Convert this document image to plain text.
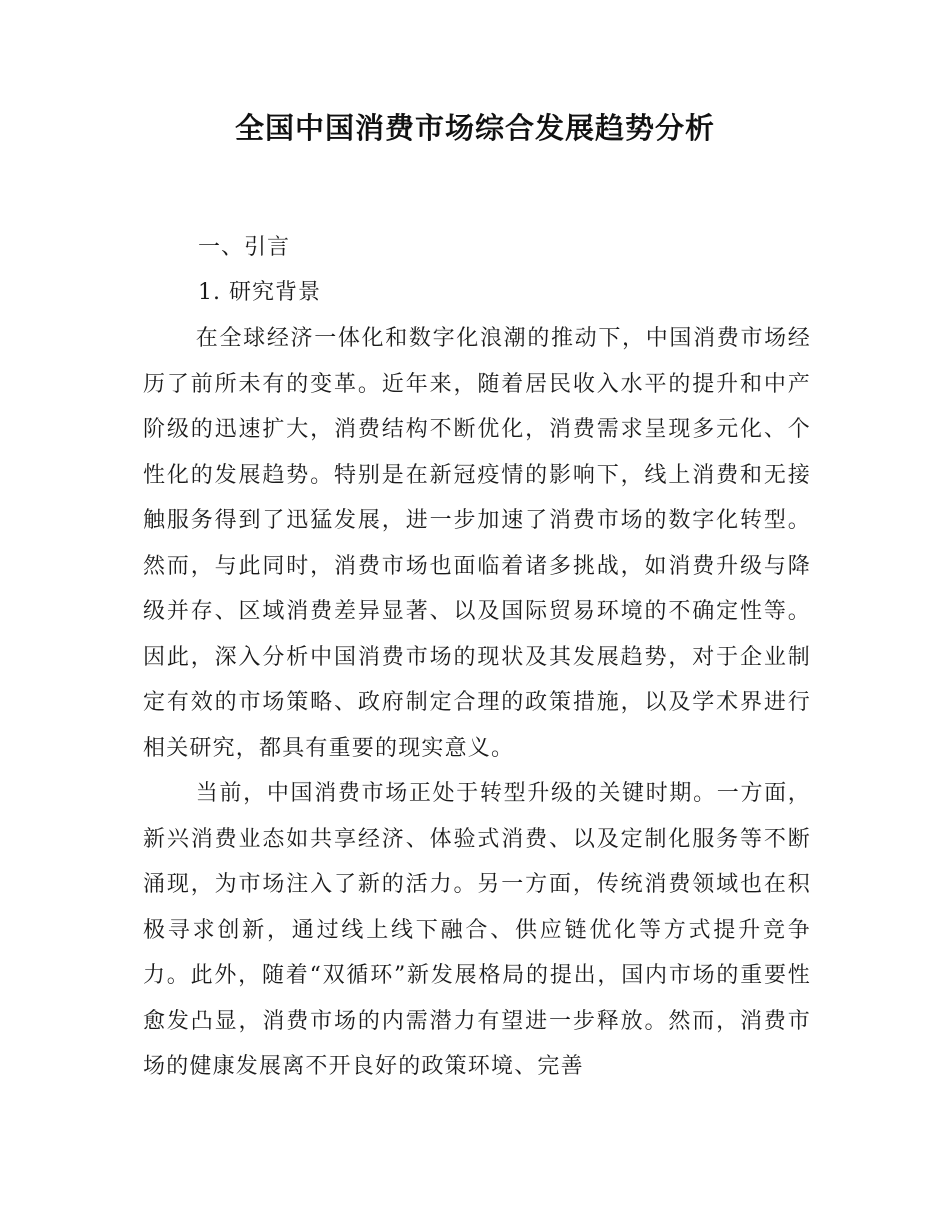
全国中国消费市场综合发展趋势分析
一、引言
1. 研究背景

在全球经济一体化和数字化浪潮的推动下，中国消费市场经历了前所未有的变革。近年来，随着居民收入水平的提升和中产阶级的迅速扩大，消费结构不断优化，消费需求呈现多元化、个性化的发展趋势。特别是在新冠疫情的影响下，线上消费和无接触服务得到了迅猛发展，进一步加速了消费市场的数字化转型。然而，与此同时，消费市场也面临着诸多挑战，如消费升级与降级并存、区域消费差异显著、以及国际贸易环境的不确定性等。因此，深入分析中国消费市场的现状及其发展趋势，对于企业制定有效的市场策略、政府制定合理的政策措施，以及学术界进行相关研究，都具有重要的现实意义。

当前，中国消费市场正处于转型升级的关键时期。一方面，新兴消费业态如共享经济、体验式消费、以及定制化服务等不断涌现，为市场注入了新的活力。另一方面，传统消费领域也在积极寻求创新，通过线上线下融合、供应链优化等方式提升竞争力。此外，随着“双循环”新发展格局的提出，国内市场的重要性愈发凸显，消费市场的内需潜力有望进一步释放。然而，消费市场的健康发展离不开良好的政策环境、完善
